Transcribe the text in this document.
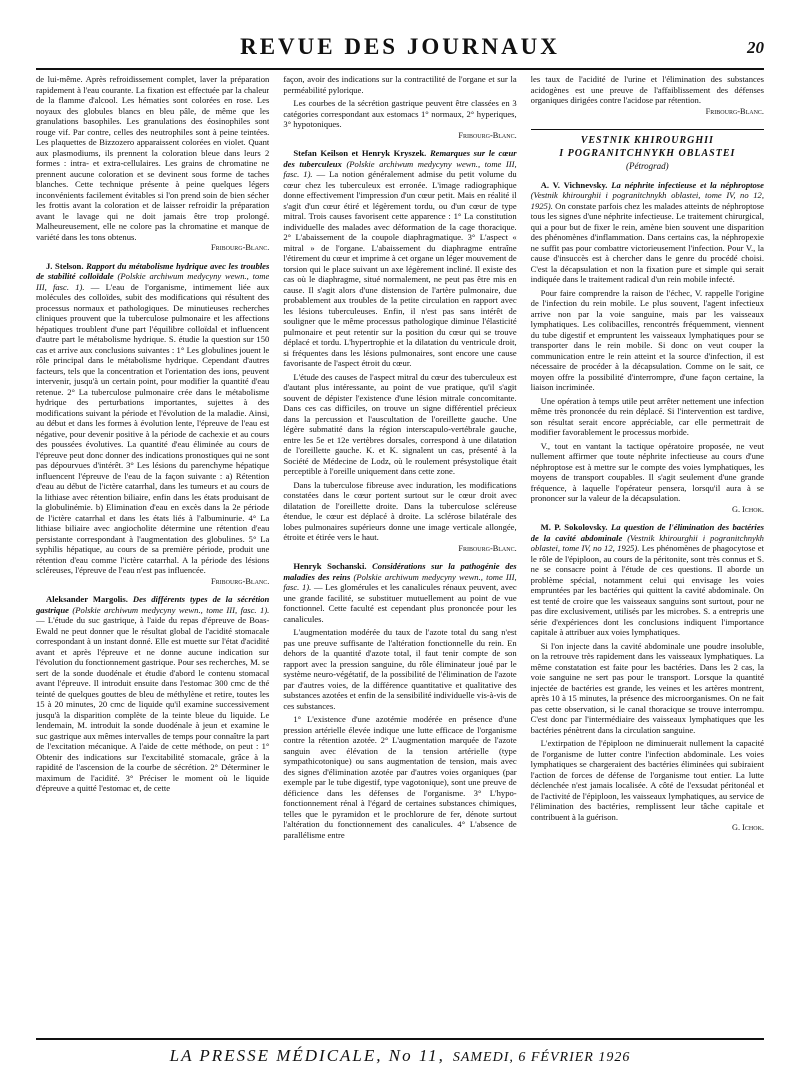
REVUE DES JOURNAUX	20

de lui-même. Après refroidissement complet, laver la préparation rapidement à l'eau courante. La fixation est effectuée par la chaleur de la flamme d'alcool. Les hématies sont colorées en rose. Les noyaux des globules blancs en bleu pâle, de même que les granulations basophiles. Les granulations des éosinophiles sont rouge vif. Par contre, celles des neutrophiles sont à peine teintées. Les plaquettes de Bizzozero apparaissent colorées en violet. Quant aux plasmodiums, ils prennent la coloration bleue dans leurs 2 formes : intra- et extra-cellulaires. Les grains de chromatine ne prennent aucune coloration et se devinent sous forme de taches blanches. Cette technique présente à peine quelques légers inconvénients facilement évitables si l'on prend soin de bien sécher les frottis avant la coloration et de laisser refroidir la préparation avant le lavage qui ne doit jamais être trop prolongé. Malheureusement, elle ne colore pas la chromatine et manque de variété dans les tons obtenus.

Fribourg-Blanc.

J. Stelson. Rapport du métabolisme hydrique avec les troubles de stabilité colloïdale (Polskie archiwum medycyny wewn., tome III, fasc. 1). — L'eau de l'organisme, intimement liée aux molécules des colloïdes, subit des modifications qui résultent des processus normaux et pathologiques. De minutieuses recherches cliniques prouvent que la tuberculose pulmonaire et les affections hépatiques troublent d'une part l'équilibre colloïdal et influencent d'autre part le métabolisme hydrique. S. étudie la question sur 150 cas et arrive aux conclusions suivantes : 1° Les globulines jouent le rôle principal dans le métabolisme hydrique. Cependant d'autres facteurs, tels que la concentration et l'orientation des ions, peuvent intervenir, jusqu'à un certain point, pour modifier la quantité d'eau retenue. 2° La tuberculose pulmonaire crée dans le métabolisme hydrique des perturbations importantes, sujettes à des modifications suivant la période et l'évolution de la maladie. Ainsi, au début et dans les formes à évolution lente, l'épreuve de l'eau est négative, pour devenir positive à la période de cachexie et au cours des poussées évolutives. La quantité d'eau éliminée au cours de l'épreuve peut donc donner des indications pronostiques qui ne sont pas dépourvues d'intérêt. 3° Les lésions du parenchyme hépatique influencent l'épreuve de l'eau de la façon suivante : a) Rétention d'eau au début de l'ictère catarrhal, dans les tumeurs et au cours de la lithiase avec rétention biliaire, enfin dans les états produisant de la globulinémie. b) Elimination d'eau en excès dans la 2e période de l'ictère catarrhal et dans les états liés à l'albuminurie. 4° La lithiase biliaire avec angiocholite détermine une rétention d'eau persistante correspondant à l'augmentation des globulines. 5° La syphilis hépatique, au cours de sa première période, produit une rétention d'eau comme l'ictère catarrhal. A la période des lésions scléreuses, l'épreuve de l'eau n'est pas influencée.

Fribourg-Blanc.

Aleksander Margolis. Des différents types de la sécrétion gastrique (Polskie archiwum medycyny wewn., tome III, fasc. 1). — L'étude du suc gastrique, à l'aide du repas d'épreuve de Boas-Ewald ne peut donner que le résultat global de l'acidité stomacale correspondant à un instant donné. Elle est muette sur l'état d'acidité avant et après l'épreuve et ne donne aucune indication sur l'évolution du fonctionnement gastrique. Pour ses recherches, M. se sert de la sonde duodénale et étudie d'abord le contenu stomacal avant l'épreuve. Il introduit ensuite dans l'estomac 300 cmc de thé teinté de quelques gouttes de bleu de méthylène et retire, toutes les 15 à 20 minutes, 20 cmc de liquide qu'il examine successivement jusqu'à la disparition complète de la teinte bleue du liquide. Le lendemain, M. introduit la sonde duodénale à jeun et examine le suc gastrique aux mêmes intervalles de temps pour connaître la part de l'excitation mécanique. A l'aide de cette méthode, on peut : 1° Obtenir des indications sur l'excitabilité stomacale, grâce à la rapidité de l'ascension de la courbe de sécrétion. 2° Déterminer le maximum de l'acidité. 3° Préciser le moment où le liquide d'épreuve a quitté l'estomac et, de cette

façon, avoir des indications sur la contractilité de l'organe et sur la perméabilité pylorique.

Les courbes de la sécrétion gastrique peuvent être classées en 3 catégories correspondant aux estomacs 1° normaux, 2° hyperiques, 3° hypotoniques.

Fribourg-Blanc.

Stefan Keilson et Henryk Kryszek. Remarques sur le cœur des tuberculeux (Polskie archiwum medycyny wewn., tome III, fasc. 1). — La notion généralement admise du petit volume du cœur chez les tuberculeux est erronée. L'image radiographique donne effectivement l'impression d'un cœur petit. Mais en réalité il s'agit d'un cœur étiré et légèrement tordu, ou d'un cœur de type mitral. Trois causes favorisent cette apparence : 1° La constitution individuelle des malades avec déformation de la cage thoracique. 2° L'abaissement de la coupole diaphragmatique. 3° L'aspect « mitral » de l'organe. L'abaissement du diaphragme entraîne l'étirement du cœur et imprime à cet organe un léger mouvement de torsion qui le place suivant un axe légèrement incliné. Il existe des cas où le diaphragme, situé normalement, ne peut pas être mis en cause. Il s'agit alors d'une distension de l'artère pulmonaire, due probablement aux troubles de la petite circulation en rapport avec les lésions tuberculeuses. Enfin, il n'est pas sans intérêt de souligner que le même processus pathologique diminue l'élasticité pulmonaire et peut retentir sur la position du cœur qui se trouve déplacé et tordu. L'hypertrophie et la dilatation du ventricule droit, si fréquentes dans les lésions pulmonaires, sont encore une cause favorisante de l'aspect étroit du cœur.

L'étude des causes de l'aspect mitral du cœur des tuberculeux est d'autant plus intéressante, au point de vue pratique, qu'il s'agit souvent de dépister l'existence d'une lésion mitrale concomitante. Dans ces cas difficiles, on trouve un signe différentiel précieux dans la percussion et l'auscultation de l'oreillette gauche. Une légère submatité dans la région interscapulo-vertébrale gauche, entre les 5e et 12e vertèbres dorsales, correspond à une dilatation de l'oreillette gauche. K. et K. signalent un cas, présenté à la Société de Médecine de Lodz, où le roulement présystolique était perceptible à l'oreille uniquement dans cette zone.

Dans la tuberculose fibreuse avec induration, les modifications constatées dans le cœur portent surtout sur le cœur droit avec dilatation de l'oreillette droite. Dans la tuberculose scléreuse étendue, le cœur est déplacé à droite. La sclérose bilatérale des lobes pulmonaires supérieurs donne une image verticale allongée, étroite et étirée vers le haut.

Fribourg-Blanc.

Henryk Sochanski. Considérations sur la pathogénie des maladies des reins (Polskie archiwum medycyny wewn., tome III, fasc. 1). — Les glomérules et les canalicules rénaux peuvent, avec une grande facilité, se substituer mutuellement au point de vue fonctionnel. Cette faculté est cependant plus prononcée pour les canalicules.

L'augmentation modérée du taux de l'azote total du sang n'est pas une preuve suffisante de l'altération fonctionnelle du rein. En dehors de la quantité d'azote total, il faut tenir compte de son rapport avec la pression sanguine, du rôle éliminateur joué par le système neuro-végétatif, de la possibilité de l'élimination de l'azote par d'autres voies, de la différence quantitative et qualitative des substances azotées et enfin de la sensibilité individuelle vis-à-vis de ces substances.

1° L'existence d'une azotémie modérée en présence d'une pression artérielle élevée indique une lutte efficace de l'organisme contre la rétention azotée. 2° L'augmentation marquée de l'azote sanguin avec élévation de la tension artérielle (type sympathicotonique) ou sans augmentation de tension, mais avec des signes d'élimination azotée par d'autres voies organiques (par exemple par le tube digestif, type vagotonique), sont une preuve de déficience dans les défenses de l'organisme. 3° L'hypo-fonctionnement rénal à l'égard de certaines substances chimiques, telles que le pyramidon et le prochlorure de fer, dénote surtout l'altération du fonctionnement des canalicules. 4° L'absence de parallélisme entre

les taux de l'acidité de l'urine et l'élimination des substances acidogènes est une preuve de l'affaiblissement des défenses organiques dirigées contre l'acidose par rétention.

Fribourg-Blanc.
VESTNIK KHIROURGHII
I POGRANITCHNYKH OBLASTEI
(Pétrograd)

A. V. Vichnevsky. La néphrite infectieuse et la néphroptose (Vestnik khirourghii i pogranitchnykh oblastei, tome IV, no 12, 1925). On constate parfois chez les malades atteints de néphroptose tous les signes d'une néphrite infectieuse. Le traitement chirurgical, qui a pour but de fixer le rein, amène bien souvent une disparition des phénomènes d'inflammation. Dans certains cas, la néphropexie ne suffit pas pour combattre victorieusement l'infection. Pour V., la cause d'insuccès est à chercher dans le genre du procédé choisi. C'est la décapsulation et non la fixation pure et simple qui serait indiquée dans le traitement radical d'un rein mobile infecté.

Pour faire comprendre la raison de l'échec, V. rappelle l'origine de l'infection du rein mobile. Le plus souvent, l'agent infectieux arrive non par la voie sanguine, mais par les vaisseaux lymphatiques. Les colibacilles, rencontrés fréquemment, viennent du tube digestif et empruntent les vaisseaux lymphatiques pour se transporter dans le rein mobile. Si donc on veut couper la communication entre le rein atteint et la source d'infection, il est nécessaire de procéder à la décapsulation. Comme on le sait, ce moyen offre la possibilité d'interrompre, d'une façon certaine, la liaison incriminée.

Une opération à temps utile peut arrêter nettement une infection même très prononcée du rein déplacé. Si l'intervention est tardive, son résultat serait encore appréciable, car elle permettrait de modifier favorablement le processus morbide.

V., tout en vantant la tactique opératoire proposée, ne veut nullement affirmer que toute néphrite infectieuse au cours d'une néphroptose est à mettre sur le compte des voies lymphatiques, les moyens de transport coupables. Il s'agit seulement d'une grande fréquence, à laquelle l'opérateur pensera, lorsqu'il aura à se prononcer sur la valeur de la décapsulation.

G. Ichok.

M. P. Sokolovsky. La question de l'élimination des bactéries de la cavité abdominale (Vestnik khirourghii i pogranitchnykh oblastei, tome IV, no 12, 1925). Les phénomènes de phagocytose et le rôle de l'épiploon, au cours de la péritonite, sont très connus et S. ne se consacre point à l'étude de ces questions. Il aborde un problème spécial, notamment celui qui envisage les voies empruntées par les bactéries qui quittent la cavité abdominale. On est tenté de croire que les vaisseaux sanguins sont surtout, pour ne pas dire exclusivement, utilisés par les microbes. S. a entrepris une série d'expériences dont les conclusions indiquent l'importance capitale à attribuer aux voies lymphatiques.

Si l'on injecte dans la cavité abdominale une poudre insoluble, on la retrouve très rapidement dans les vaisseaux lymphatiques. La même constatation est faite pour les bactéries. Dans les 2 cas, la voie sanguine ne sert pas pour le transport. Lorsque la quantité injectée de bactéries est grande, les veines et les artères montrent, après 10 à 15 minutes, la présence des microorganismes. On ne fait pas cette observation, si le canal thoracique se trouve interrompu. C'est donc par l'intermédiaire des vaisseaux lymphatiques que les bactéries pénètrent dans la circulation sanguine.

L'extirpation de l'épiploon ne diminuerait nullement la capacité de l'organisme de lutter contre l'infection abdominale. Les voies lymphatiques se chargeraient des bactéries éliminées qui subiraient l'action de forces de défense de l'organisme tout entier. La lutte déclenchée n'est jamais localisée. A côté de l'exsudat péritonéal et de l'activité de l'épiploon, les vaisseaux lymphatiques, au service de l'élimination des bactéries, remplissent leur tâche capitale et contribuent à la guérison.

G. Ichok.
LA PRESSE MÉDICALE, No 11, SAMEDI, 6 FÉVRIER 1926
